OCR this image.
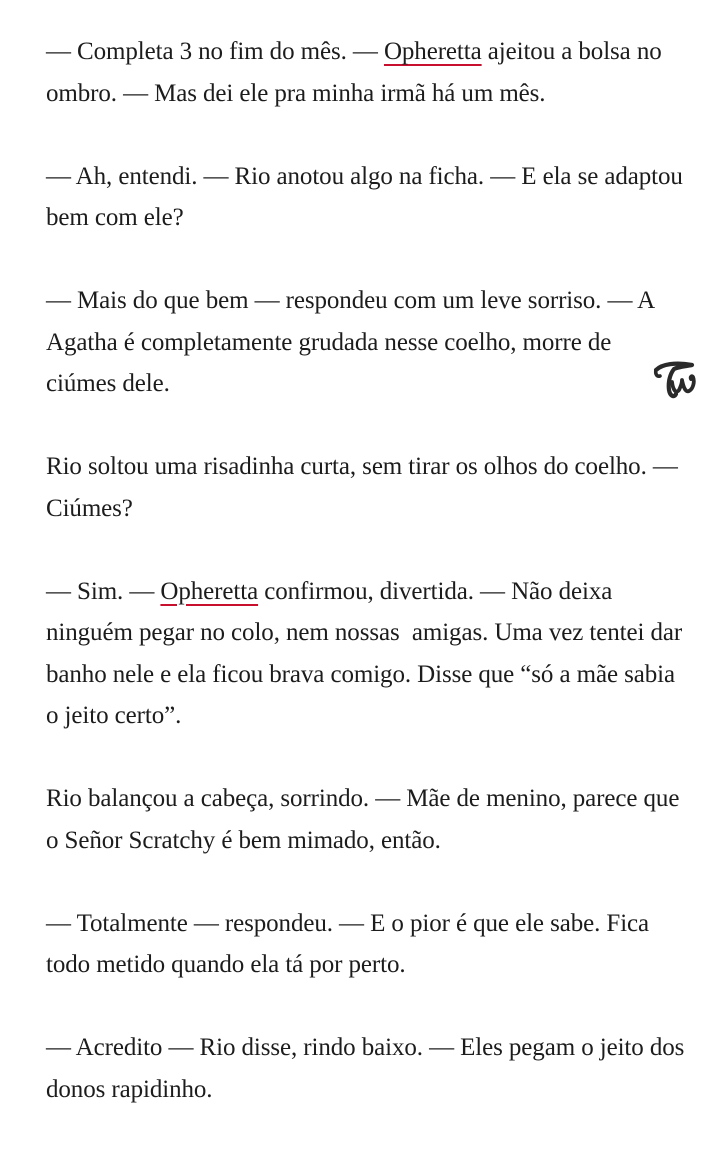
— Completa 3 no fim do mês. — Opheretta ajeitou a bolsa no ombro. — Mas dei ele pra minha irmã há um mês.

— Ah, entendi. — Rio anotou algo na ficha. — E ela se adaptou bem com ele?

— Mais do que bem — respondeu com um leve sorriso. — A Agatha é completamente grudada nesse coelho, morre de ciúmes dele.

Rio soltou uma risadinha curta, sem tirar os olhos do coelho. — Ciúmes?

— Sim. — Opheretta confirmou, divertida. — Não deixa ninguém pegar no colo, nem nossas  amigas. Uma vez tentei dar banho nele e ela ficou brava comigo. Disse que “só a mãe sabia o jeito certo”.

Rio balançou a cabeça, sorrindo. — Mãe de menino, parece que o Señor Scratchy é bem mimado, então.

— Totalmente — respondeu. — E o pior é que ele sabe. Fica todo metido quando ela tá por perto.

— Acredito — Rio disse, rindo baixo. — Eles pegam o jeito dos donos rapidinho.
